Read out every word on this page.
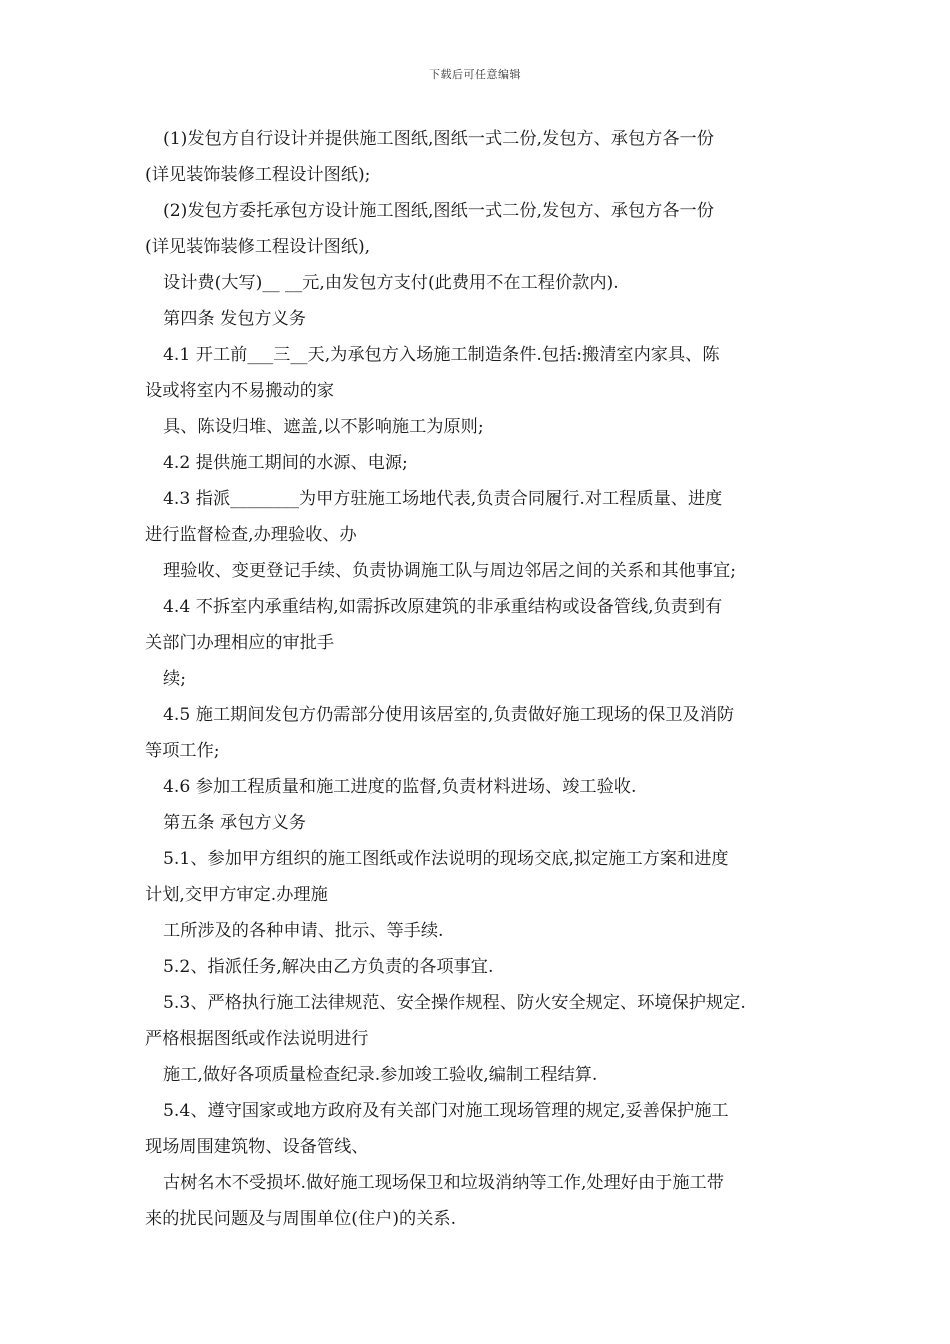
下载后可任意编辑
(1)发包方自行设计并提供施工图纸,图纸一式二份,发包方、承包方各一份
(详见装饰装修工程设计图纸);
(2)发包方委托承包方设计施工图纸,图纸一式二份,发包方、承包方各一份
(详见装饰装修工程设计图纸),
设计费(大写)__ __元,由发包方支付(此费用不在工程价款内).
第四条 发包方义务
4.1 开工前___三__天,为承包方入场施工制造条件.包括:搬清室内家具、陈
设或将室内不易搬动的家
具、陈设归堆、遮盖,以不影响施工为原则;
4.2 提供施工期间的水源、电源;
4.3 指派________为甲方驻施工场地代表,负责合同履行.对工程质量、进度
进行监督检查,办理验收、办
理验收、变更登记手续、负责协调施工队与周边邻居之间的关系和其他事宜;
4.4 不拆室内承重结构,如需拆改原建筑的非承重结构或设备管线,负责到有
关部门办理相应的审批手
续;
4.5 施工期间发包方仍需部分使用该居室的,负责做好施工现场的保卫及消防
等项工作;
4.6 参加工程质量和施工进度的监督,负责材料进场、竣工验收.
第五条 承包方义务
5.1、参加甲方组织的施工图纸或作法说明的现场交底,拟定施工方案和进度
计划,交甲方审定.办理施
工所涉及的各种申请、批示、等手续.
5.2、指派任务,解决由乙方负责的各项事宜.
5.3、严格执行施工法律规范、安全操作规程、防火安全规定、环境保护规定.
严格根据图纸或作法说明进行
施工,做好各项质量检查纪录.参加竣工验收,编制工程结算.
5.4、遵守国家或地方政府及有关部门对施工现场管理的规定,妥善保护施工
现场周围建筑物、设备管线、
古树名木不受损坏.做好施工现场保卫和垃圾消纳等工作,处理好由于施工带
来的扰民问题及与周围单位(住户)的关系.
